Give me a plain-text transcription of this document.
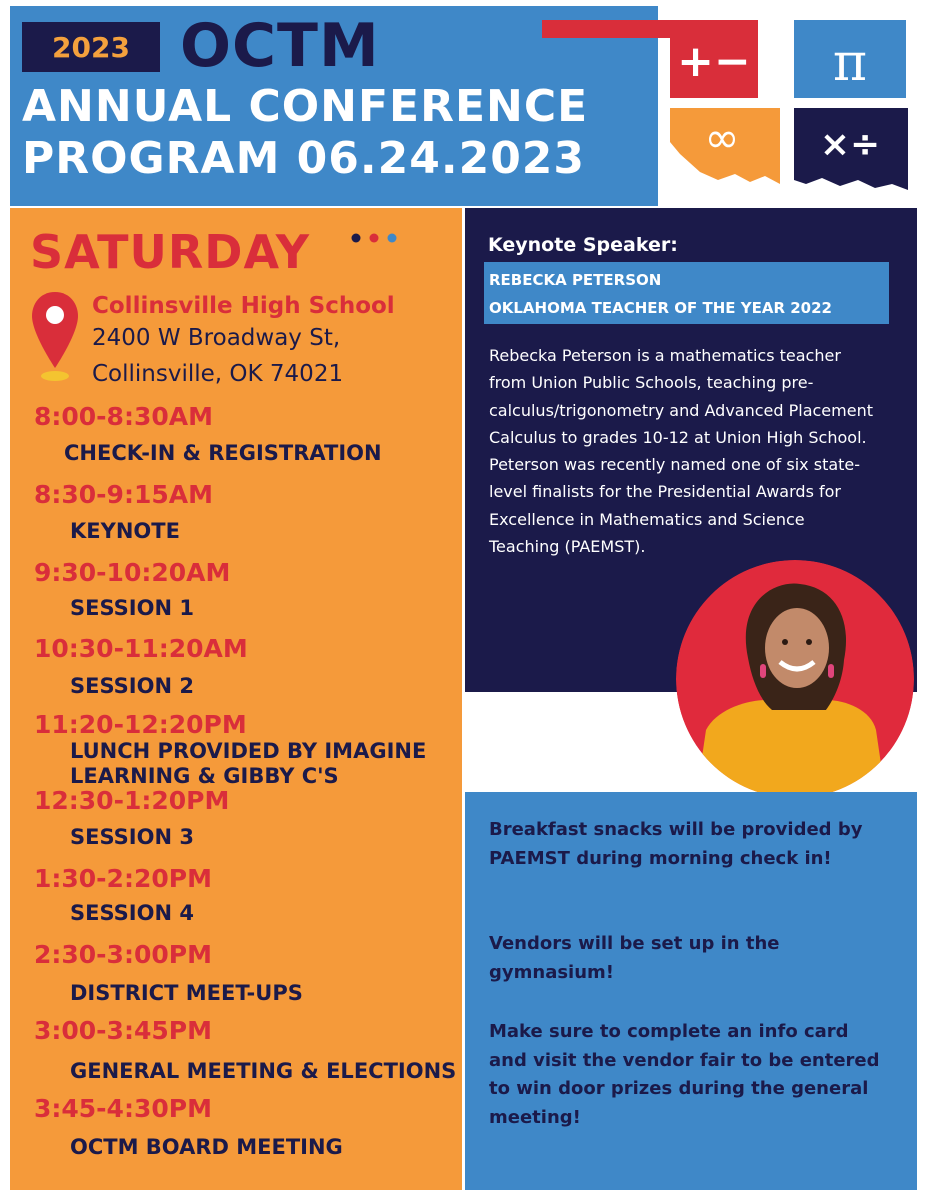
2023 OCTM
ANNUAL CONFERENCE
PROGRAM 06.24.2023
+− π
∞ ×÷
SATURDAY
Collinsville High School
2400 W Broadway St,
Collinsville, OK 74021
8:00-8:30AM
CHECK-IN & REGISTRATION
8:30-9:15AM
KEYNOTE
9:30-10:20AM
SESSION 1
10:30-11:20AM
SESSION 2
11:20-12:20PM
LUNCH PROVIDED BY IMAGINE
LEARNING & GIBBY C'S
12:30-1:20PM
SESSION 3
1:30-2:20PM
SESSION 4
2:30-3:00PM
DISTRICT MEET-UPS
3:00-3:45PM
GENERAL MEETING & ELECTIONS
3:45-4:30PM
OCTM BOARD MEETING
Keynote Speaker:
REBECKA PETERSON
OKLAHOMA TEACHER OF THE YEAR 2022
Rebecka Peterson is a mathematics teacher from Union Public Schools, teaching pre-calculus/trigonometry and Advanced Placement Calculus to grades 10-12 at Union High School. Peterson was recently named one of six state-level finalists for the Presidential Awards for Excellence in Mathematics and Science Teaching (PAEMST).
Breakfast snacks will be provided by PAEMST during morning check in!
Vendors will be set up in the gymnasium!
Make sure to complete an info card and visit the vendor fair to be entered to win door prizes during the general meeting!
